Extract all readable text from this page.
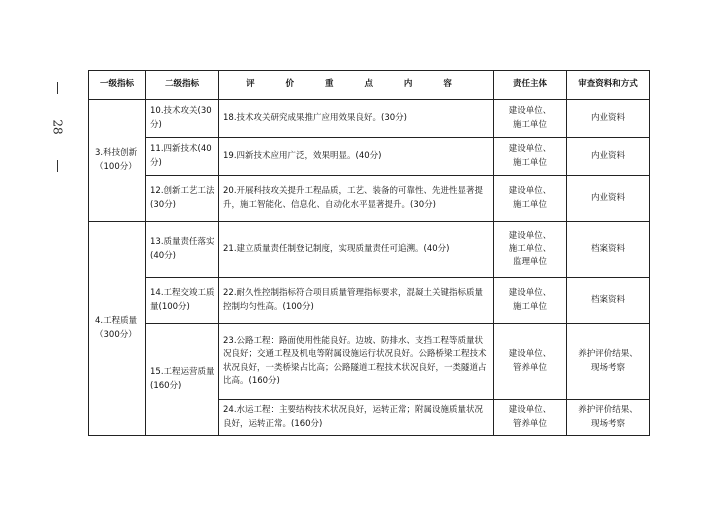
28
一级指标	二级指标	评 价 重 点 内 容	责任主体	审查资料和方式
3.科技创新
（100分）	10.技术攻关(30分)	18.技术攻关研究成果推广应用效果良好。(30分)	建设单位、
施工单位	内业资料
	11.四新技术(40分)	19.四新技术应用广泛，效果明显。(40分)	建设单位、
施工单位	内业资料
	12.创新工艺工法(30分)	20.开展科技攻关提升工程品质，工艺、装备的可靠性、先进性显著提升，施工智能化、信息化、自动化水平显著提升。(30分)	建设单位、
施工单位	内业资料
4.工程质量
（300分）	13.质量责任落实(40分)	21.建立质量责任制登记制度，实现质量责任可追溯。(40分)	建设单位、
施工单位、
监理单位	档案资料
	14.工程交竣工质量(100分)	22.耐久性控制指标符合项目质量管理指标要求，混凝土关键指标质量控制均匀性高。(100分)	建设单位、
施工单位	档案资料
	15.工程运营质量(160分)	23.公路工程：路面使用性能良好。边坡、防排水、支挡工程等质量状况良好；交通工程及机电等附属设施运行状况良好。公路桥梁工程技术状况良好，一类桥梁占比高；公路隧道工程技术状况良好，一类隧道占比高。(160分)	建设单位、
管养单位	养护评价结果、
现场考察
		24.水运工程：主要结构技术状况良好，运转正常；附属设施质量状况良好，运转正常。(160分)	建设单位、
管养单位	养护评价结果、
现场考察
